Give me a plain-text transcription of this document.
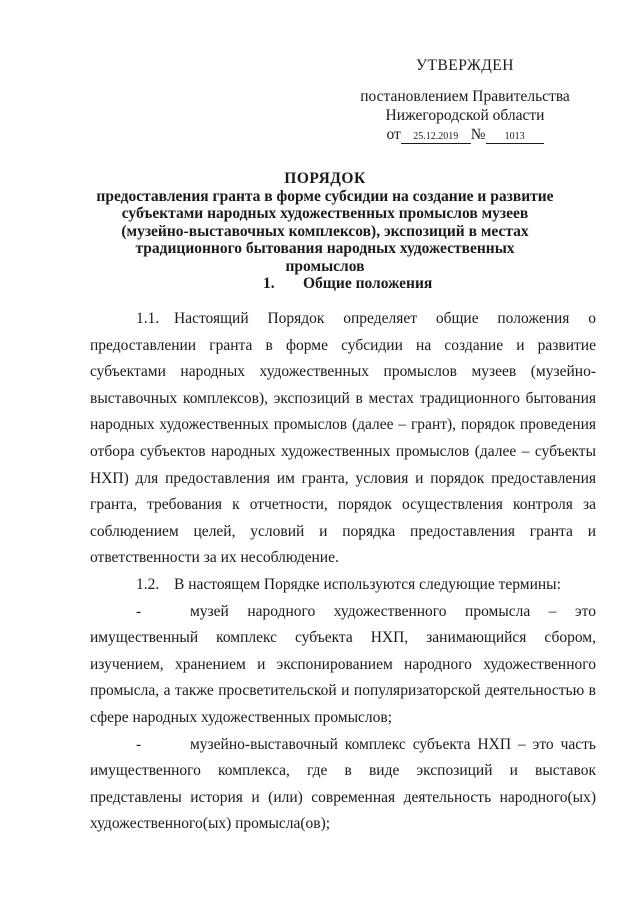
УТВЕРЖДЕН
постановлением Правительства
Нижегородской области
от 25.12.2019 № 1013
ПОРЯДОК
предоставления гранта в форме субсидии на создание и развитие субъектами народных художественных промыслов музеев (музейно-выставочных комплексов), экспозиций в местах традиционного бытования народных художественных промыслов
1. Общие положения

1.1. Настоящий Порядок определяет общие положения о предоставлении гранта в форме субсидии на создание и развитие субъектами народных художественных промыслов музеев (музейно-выставочных комплексов), экспозиций в местах традиционного бытования народных художественных промыслов (далее – грант), порядок проведения отбора субъектов народных художественных промыслов (далее – субъекты НХП) для предоставления им гранта, условия и порядок предоставления гранта, требования к отчетности, порядок осуществления контроля за соблюдением целей, условий и порядка предоставления гранта и ответственности за их несоблюдение.

1.2. В настоящем Порядке используются следующие термины:

-	музей народного художественного промысла – это имущественный комплекс субъекта НХП, занимающийся сбором, изучением, хранением и экспонированием народного художественного промысла, а также просветительской и популяризаторской деятельностью в сфере народных художественных промыслов;

-	музейно-выставочный комплекс субъекта НХП – это часть имущественного комплекса, где в виде экспозиций и выставок представлены история и (или) современная деятельность народного(ых) художественного(ых) промысла(ов);
